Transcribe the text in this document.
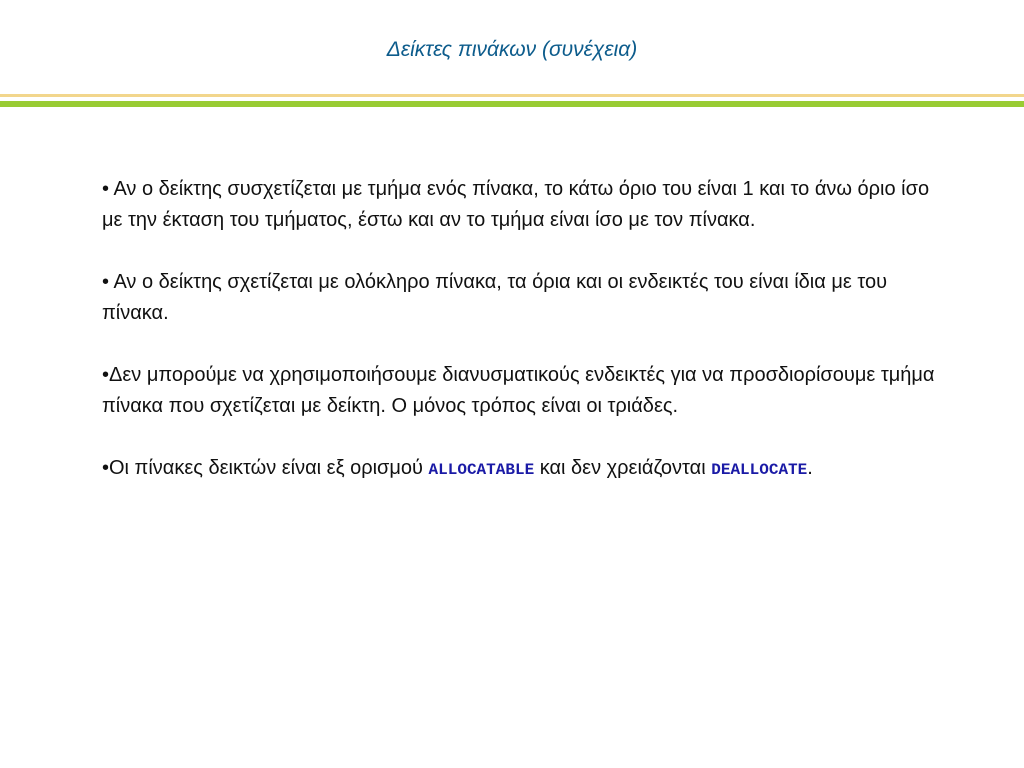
Δείκτες πινάκων (συνέχεια)

• Αν ο δείκτης συσχετίζεται με τμήμα ενός πίνακα, το κάτω όριο του είναι 1 και το άνω όριο ίσο με την έκταση του τμήματος, έστω και αν το τμήμα είναι ίσο με τον πίνακα.

• Αν ο δείκτης σχετίζεται με ολόκληρο πίνακα, τα όρια και οι ενδεικτές του είναι ίδια με του πίνακα.

•Δεν μπορούμε να χρησιμοποιήσουμε διανυσματικούς ενδεικτές για να προσδιορίσουμε τμήμα πίνακα που σχετίζεται με δείκτη. Ο μόνος τρόπος είναι οι τριάδες.

•Οι πίνακες δεικτών είναι εξ ορισμού ALLOCATABLE και δεν χρειάζονται DEALLOCATE.
